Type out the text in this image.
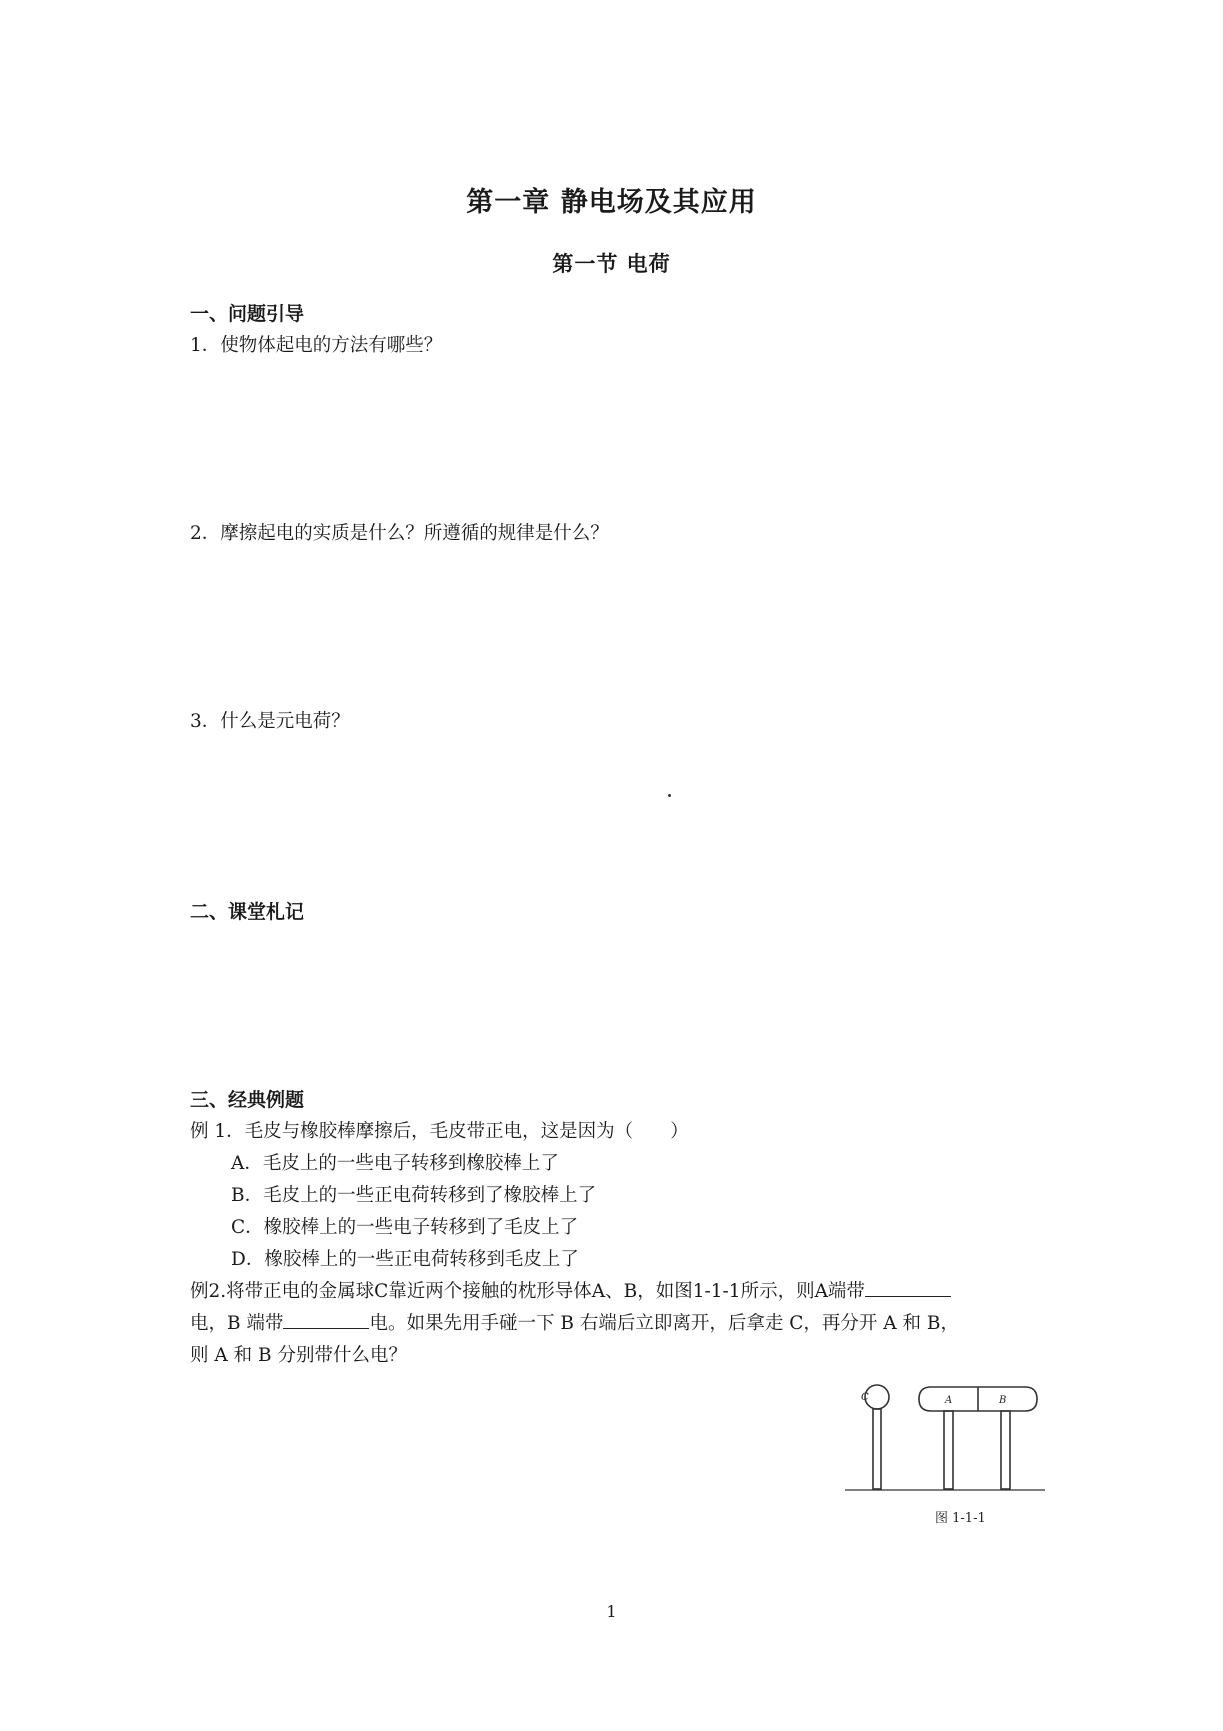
第一章 静电场及其应用
第一节 电荷
一、问题引导
1．使物体起电的方法有哪些？
2．摩擦起电的实质是什么？所遵循的规律是什么？
3．什么是元电荷？
二、课堂札记
三、经典例题
例 1．毛皮与橡胶棒摩擦后，毛皮带正电，这是因为（　　）
A．毛皮上的一些电子转移到橡胶棒上了
B．毛皮上的一些正电荷转移到了橡胶棒上了
C．橡胶棒上的一些电子转移到了毛皮上了
D．橡胶棒上的一些正电荷转移到毛皮上了
例2.将带正电的金属球C靠近两个接触的枕形导体A、B，如图1-1-1所示，则A端带
电，B 端带	电。如果先用手碰一下 B 右端后立即离开，后拿走 C，再分开 A 和 B，
则 A 和 B 分别带什么电？
C	A	B
图 1-1-1
1
